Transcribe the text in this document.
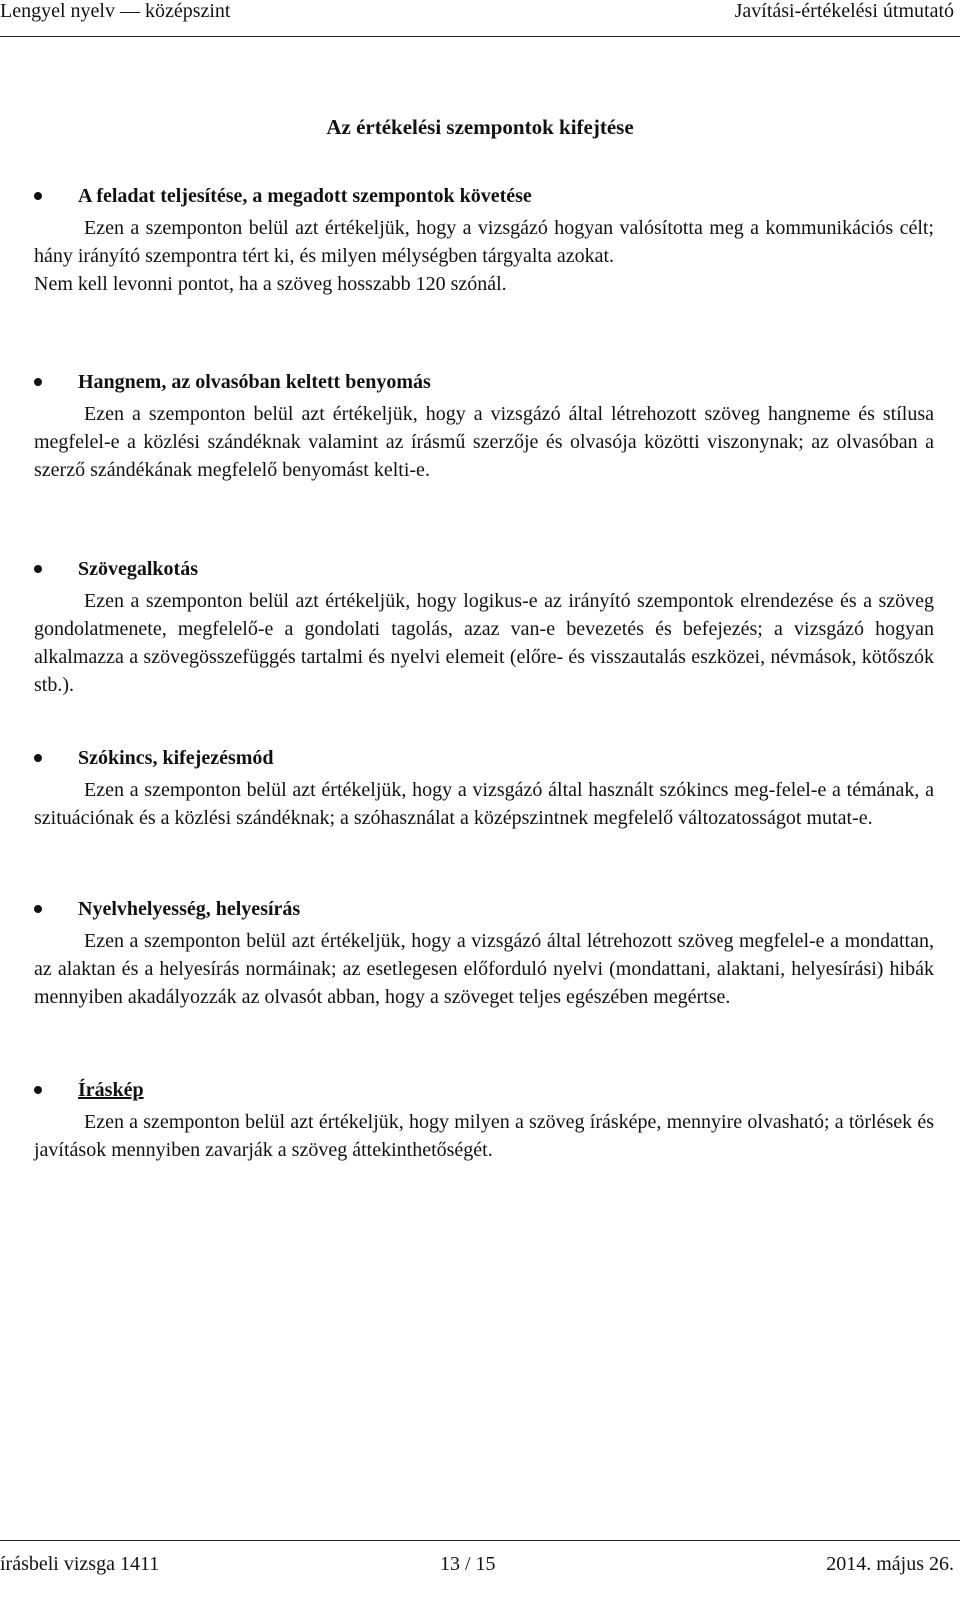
Lengyel nyelv — középszint	Javítási-értékelési útmutató
Az értékelési szempontok kifejtése
A feladat teljesítése, a megadott szempontok követése

Ezen a szemponton belül azt értékeljük, hogy a vizsgázó hogyan valósította meg a kommunikációs célt; hány irányító szempontra tért ki, és milyen mélységben tárgyalta azokat.

Nem kell levonni pontot, ha a szöveg hosszabb 120 szónál.

Hangnem, az olvasóban keltett benyomás

Ezen a szemponton belül azt értékeljük, hogy a vizsgázó által létrehozott szöveg hangneme és stílusa megfelel-e a közlési szándéknak valamint az írásmű szerzője és olvasója közötti viszonynak; az olvasóban a szerző szándékának megfelelő benyomást kelti-e.

Szövegalkotás

Ezen a szemponton belül azt értékeljük, hogy logikus-e az irányító szempontok elrendezése és a szöveg gondolatmenete, megfelelő-e a gondolati tagolás, azaz van-e bevezetés és befejezés; a vizsgázó hogyan alkalmazza a szövegösszefüggés tartalmi és nyelvi elemeit (előre- és visszautalás eszközei, névmások, kötőszók stb.).

Szókincs, kifejezésmód

Ezen a szemponton belül azt értékeljük, hogy a vizsgázó által használt szókincs meg-felel-e a témának, a szituációnak és a közlési szándéknak; a szóhasználat a középszintnek megfelelő változatosságot mutat-e.

Nyelvhelyesség, helyesírás

Ezen a szemponton belül azt értékeljük, hogy a vizsgázó által létrehozott szöveg megfelel-e a mondattan, az alaktan és a helyesírás normáinak; az esetlegesen előforduló nyelvi (mondattani, alaktani, helyesírási) hibák mennyiben akadályozzák az olvasót abban, hogy a szöveget teljes egészében megértse.

Íráskép

Ezen a szemponton belül azt értékeljük, hogy milyen a szöveg írásképe, mennyire olvasható; a törlések és javítások mennyiben zavarják a szöveg áttekinthetőségét.

írásbeli vizsga 1411	13 / 15	2014. május 26.
